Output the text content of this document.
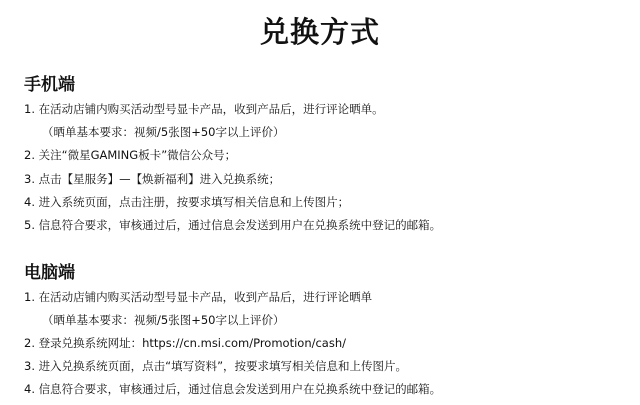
兑换方式
手机端
1. 在活动店铺内购买活动型号显卡产品，收到产品后，进行评论晒单。
（晒单基本要求：视频/5张图+50字以上评价）
2. 关注“微星GAMING板卡”微信公众号；
3. 点击【星服务】—【焕新福利】进入兑换系统；
4. 进入系统页面，点击注册，按要求填写相关信息和上传图片；
5. 信息符合要求，审核通过后，通过信息会发送到用户在兑换系统中登记的邮箱。
电脑端
1. 在活动店铺内购买活动型号显卡产品，收到产品后，进行评论晒单
（晒单基本要求：视频/5张图+50字以上评价）
2. 登录兑换系统网址：https://cn.msi.com/Promotion/cash/
3. 进入兑换系统页面，点击“填写资料”，按要求填写相关信息和上传图片。
4. 信息符合要求，审核通过后，通过信息会发送到用户在兑换系统中登记的邮箱。
